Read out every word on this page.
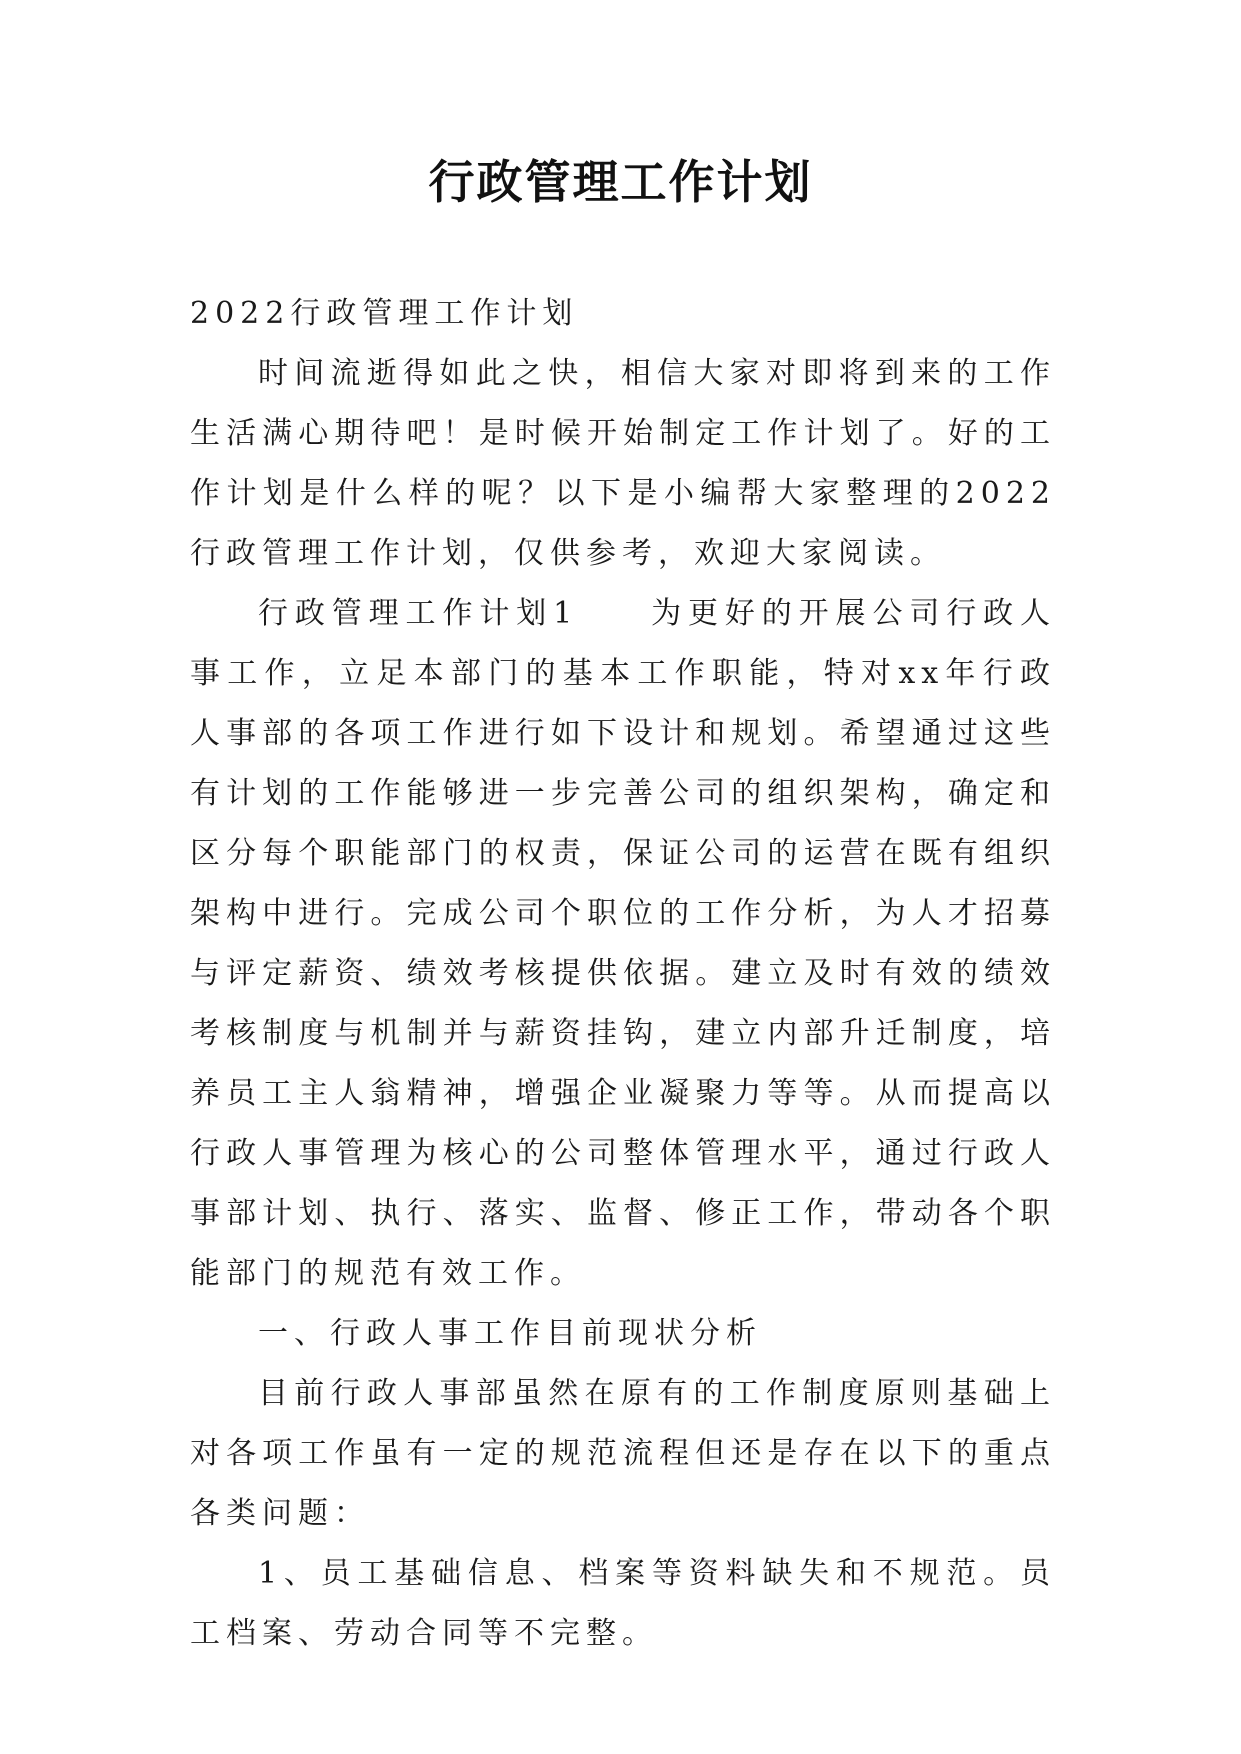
行政管理工作计划

2022行政管理工作计划

时间流逝得如此之快，相信大家对即将到来的工作生活满心期待吧！是时候开始制定工作计划了。好的工作计划是什么样的呢？以下是小编帮大家整理的2022行政管理工作计划，仅供参考，欢迎大家阅读。

行政管理工作计划1 为更好的开展公司行政人事工作，立足本部门的基本工作职能，特对xx年行政人事部的各项工作进行如下设计和规划。希望通过这些有计划的工作能够进一步完善公司的组织架构，确定和区分每个职能部门的权责，保证公司的运营在既有组织架构中进行。完成公司个职位的工作分析，为人才招募与评定薪资、绩效考核提供依据。建立及时有效的绩效考核制度与机制并与薪资挂钩，建立内部升迁制度，培养员工主人翁精神，增强企业凝聚力等等。从而提高以行政人事管理为核心的公司整体管理水平，通过行政人事部计划、执行、落实、监督、修正工作，带动各个职能部门的规范有效工作。

一、行政人事工作目前现状分析

目前行政人事部虽然在原有的工作制度原则基础上对各项工作虽有一定的规范流程但还是存在以下的重点各类问题：

1、员工基础信息、档案等资料缺失和不规范。员工档案、劳动合同等不完整。
